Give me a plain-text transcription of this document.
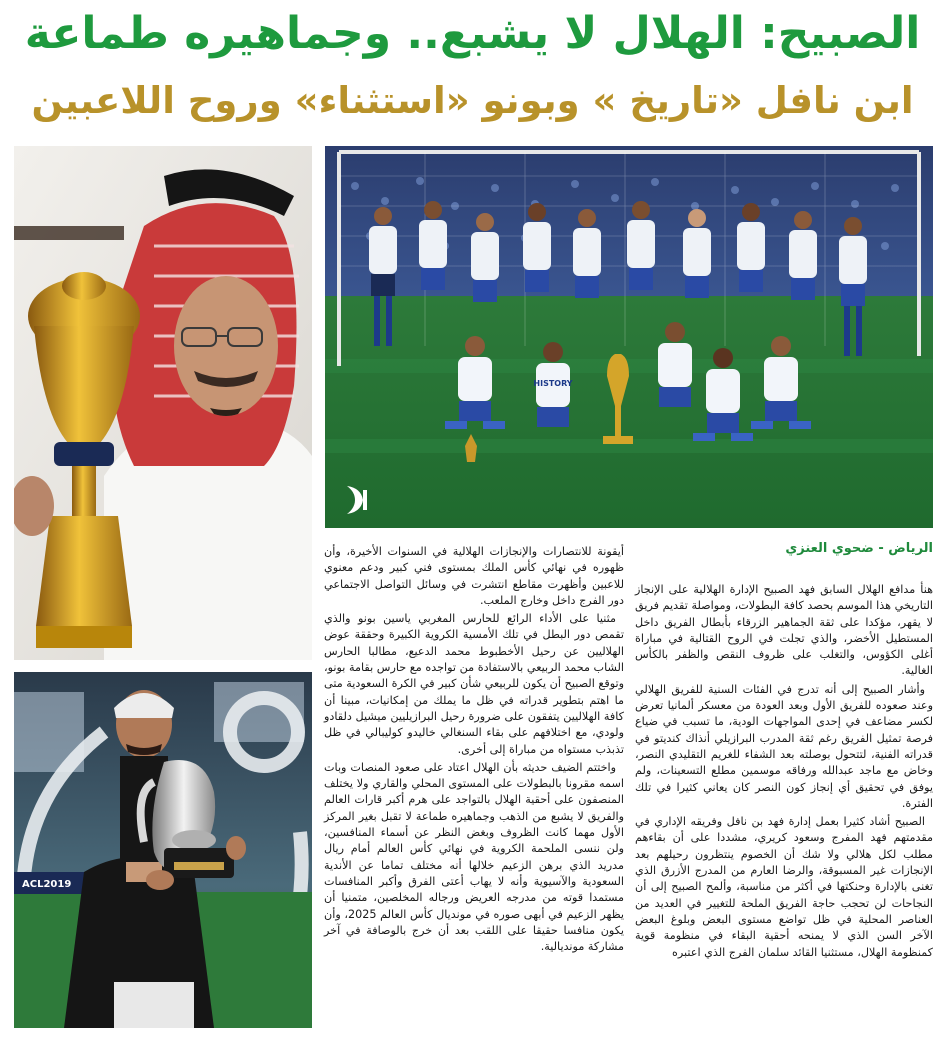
الصبيح: الهلال لا يشبع.. وجماهيره طماعة
ابن نافل «تاريخ » وبونو «استثناء» وروح اللاعبين
HISTORY
ACL2019
الرياض - ضحوي العنزي

هنأ مدافع الهلال السابق فهد الصبيح الإدارة الهلالية على الإنجاز التاريخي هذا الموسم بحصد كافة البطولات، ومواصلة تقديم فريق لا يقهر، مؤكدا على ثقة الجماهير الزرقاء بأبطال الفريق داخل المستطيل الأخضر، والذي تجلت في الروح القتالية في مباراة أغلى الكؤوس، والتغلب على ظروف النقص والظفر بالكأس الغالية.

وأشار الصبيح إلى أنه تدرج في الفئات السنية للفريق الهلالي وعند صعوده للفريق الأول وبعد العودة من معسكر ألمانيا تعرض لكسر مضاعف في إحدى المواجهات الودية، ما تسبب في ضياع فرصة تمثيل الفريق رغم ثقة المدرب البرازيلي أنذاك كنديتو في قدراته الفنية، لتتحول بوصلته بعد الشفاء للغريم التقليدي النصر، وخاض مع ماجد عبدالله ورفاقه موسمين مطلع التسعينات، ولم يوفق في تحقيق أي إنجاز كون النصر كان يعاني كثيرا في تلك الفترة.

الصبيح أشاد كثيرا بعمل إدارة فهد بن نافل وفريقه الإداري في مقدمتهم فهد المفرج وسعود كريري، مشددا على أن بقاءهم مطلب لكل هلالي ولا شك أن الخصوم ينتظرون رحيلهم بعد الإنجازات غير المسبوقة، والرضا العارم من المدرج الأزرق الذي تغنى بالإدارة وحنكتها في أكثر من مناسبة، وألمح الصبيح إلى أن النجاحات لن تحجب حاجة الفريق الملحة للتغيير في العديد من العناصر المحلية في ظل تواضع مستوى البعض وبلوغ البعض الآخر السن الذي لا يمنحه أحقية البقاء في منظومة قوية كمنظومة الهلال، مستثنيا القائد سلمان الفرج الذي اعتبره

أيقونة للانتصارات والإنجازات الهلالية في السنوات الأخيرة، وأن ظهوره في نهائي كأس الملك بمستوى فني كبير ودعم معنوي للاعبين وأظهرت مقاطع انتشرت في وسائل التواصل الاجتماعي دور الفرج داخل وخارج الملعب.

مثنيا على الأداء الرائع للحارس المغربي ياسين بونو والذي تقمص دور البطل في تلك الأمسية الكروية الكبيرة وحققة عوض الهلاليين عن رحيل الأخطبوط محمد الدعيع، مطالبا الحارس الشاب محمد الربيعي بالاستفادة من تواجده مع حارس بقامة بونو، وتوقع الصبيح أن يكون للربيعي شأن كبير في الكرة السعودية متى ما اهتم بتطوير قدراته في ظل ما يملك من إمكانيات، مبينا أن كافة الهلاليين يتفقون على ضرورة رحيل البرازيليين ميشيل دلقادو ولودي، مع اختلافهم على بقاء السنغالي خاليدو كوليبالي في ظل تذبذب مستواه من مباراة إلى أخرى.

واختتم الضيف حديثه بأن الهلال اعتاد على صعود المنصات وبات اسمه مقرونا بالبطولات على المستوى المحلي والقاري ولا يختلف المنصفون على أحقية الهلال بالتواجد على هرم أكبر قارات العالم والفريق لا يشبع من الذهب وجماهيره طماعة لا تقبل بغير المركز الأول مهما كانت الظروف وبغض النظر عن أسماء المنافسين، ولن ننسى الملحمة الكروية في نهائي كأس العالم أمام ريال مدريد الذي برهن الزعيم خلالها أنه مختلف تماما عن الأندية السعودية والآسيوية وأنه لا يهاب أعتى الفرق وأكبر المنافسات مستمدا قوته من مدرجه العريض ورجاله المخلصين، متمنيا أن يظهر الزعيم في أبهى صوره في مونديال كأس العالم 2025، وأن يكون منافسا حقيقا على اللقب بعد أن خرج بالوصافة في آخر مشاركة مونديالية.
